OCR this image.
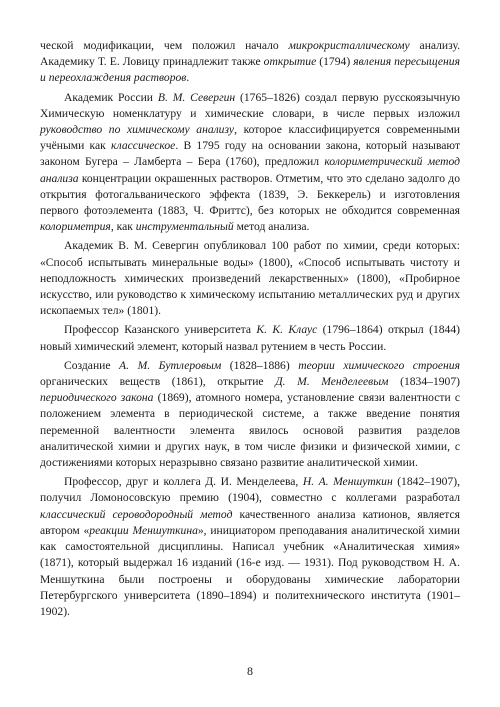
ческой модификации, чем положил начало микрокристаллическому анализу. Академику Т. Е. Ловицу принадлежит также открытие (1794) явления пересыщения и переохлаждения растворов.

Академик России В. М. Севергин (1765–1826) создал первую русскоязычную Химическую номенклатуру и химические словари, в числе первых изложил руководство по химическому анализу, которое классифицируется современными учёными как классическое. В 1795 году на основании закона, который называют законом Бугера – Ламберта – Бера (1760), предложил колориметрический метод анализа концентрации окрашенных растворов. Отметим, что это сделано задолго до открытия фотогальванического эффекта (1839, Э. Беккерель) и изготовления первого фотоэлемента (1883, Ч. Фриттс), без которых не обходится современная колориметрия, как инструментальный метод анализа.

Академик В. М. Севергин опубликовал 100 работ по химии, среди которых: «Способ испытывать минеральные воды» (1800), «Способ испытывать чистоту и неподложность химических произведений лекарственных» (1800), «Пробирное искусство, или руководство к химическому испытанию металлических руд и других ископаемых тел» (1801).

Профессор Казанского университета К. К. Клаус (1796–1864) открыл (1844) новый химический элемент, который назвал рутением в честь России.

Создание А. М. Бутлеровым (1828–1886) теории химического строения органических веществ (1861), открытие Д. М. Менделеевым (1834–1907) периодического закона (1869), атомного номера, установление связи валентности с положением элемента в периодической системе, а также введение понятия переменной валентности элемента явилось основой развития разделов аналитической химии и других наук, в том числе физики и физической химии, с достижениями которых неразрывно связано развитие аналитической химии.

Профессор, друг и коллега Д. И. Менделеева, Н. А. Меншуткин (1842–1907), получил Ломоносовскую премию (1904), совместно с коллегами разработал классический сероводородный метод качественного анализа катионов, является автором «реакции Меншуткина», инициатором преподавания аналитической химии как самостоятельной дисциплины. Написал учебник «Аналитическая химия» (1871), который выдержал 16 изданий (16-е изд. — 1931). Под руководством Н. А. Меншуткина были построены и оборудованы химические лаборатории Петербургского университета (1890–1894) и политехнического института (1901–1902).

8
